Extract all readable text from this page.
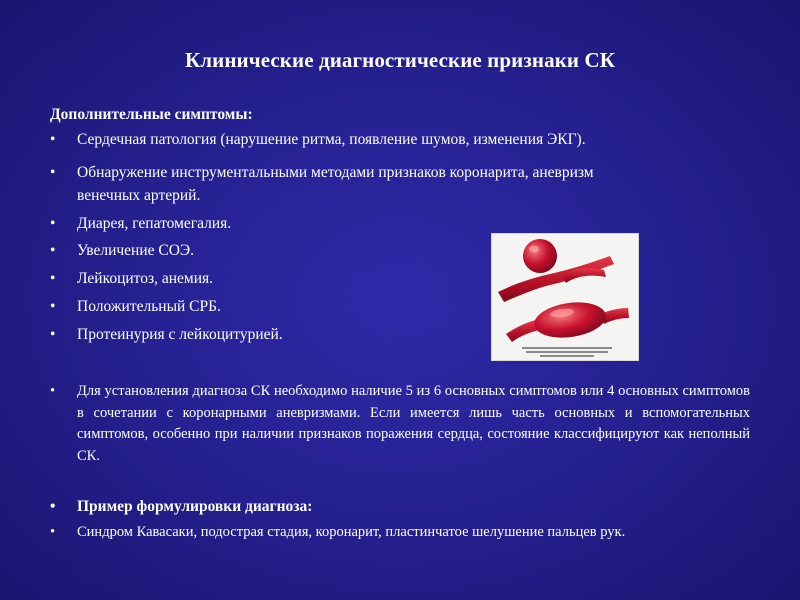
Клинические диагностические признаки СК
Дополнительные симптомы:
• Сердечная патология (нарушение ритма, появление шумов, изменения ЭКГ).
• Обнаружение инструментальными методами признаков коронарита, аневризм
венечных артерий.
• Диарея, гепатомегалия.
• Увеличение СОЭ.
• Лейкоцитоз, анемия.
• Положительный СРБ.
• Протеинурия с лейкоцитурией.
• Для установления диагноза СК необходимо наличие 5 из 6 основных симптомов или 4 основных симптомов в сочетании с коронарными аневризмами. Если имеется лишь часть основных и вспомогательных симптомов, особенно при наличии признаков поражения сердца, состояние классифицируют как неполный СК.
• Пример формулировки диагноза:
• Синдром Кавасаки, подострая стадия, коронарит, пластинчатое шелушение пальцев рук.
